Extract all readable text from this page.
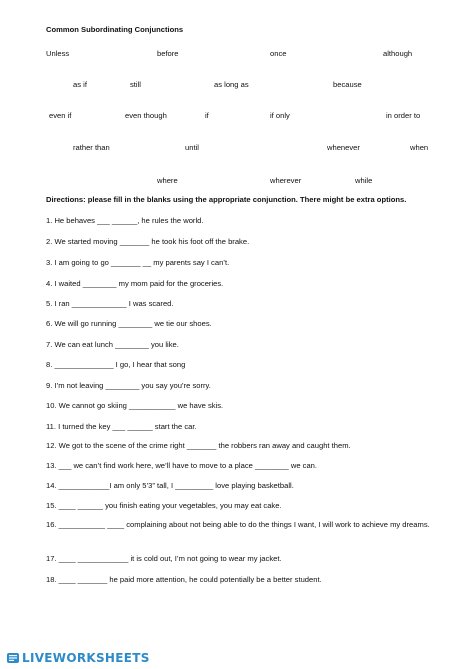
Common Subordinating Conjunctions
Unless	before	once	although
as if	still	as long as	because
even if	even though	if	if only	in order to
rather than	until	whenever	when
where	wherever	while
Directions: please fill in the blanks using the appropriate conjunction. There might be extra options.
1. He behaves ___ ______, he rules the world.
2. We started moving _______ he took his foot off the brake.
3. I am going to go _______ __ my parents say I can’t.
4. I waited ________ my mom paid for the groceries.
5. I ran _____________ I was scared.
6. We will go running ________ we tie our shoes.
7. We can eat lunch ________ you like.
8. ______________ I go, I hear that song
9. I’m not leaving ________ you say you’re sorry.
10. We cannot go skiing ___________ we have skis.
11. I turned the key ___ ______ start the car.
12. We got to the scene of the crime right _______ the robbers ran away and caught them.
13. ___ we can’t find work here, we’ll have to move to a place ________ we can.
14. ____________I am only 5’3” tall, I _________ love playing basketball.
15. ____ ______ you finish eating your vegetables, you may eat cake.
16. ___________ ____ complaining about not being able to do the things I want, I will work to achieve my dreams.
17. ____ ____________ it is cold out, I’m not going to wear my jacket.
18. ____ _______ he paid more attention, he could potentially be a better student.
LIVEWORKSHEETS
